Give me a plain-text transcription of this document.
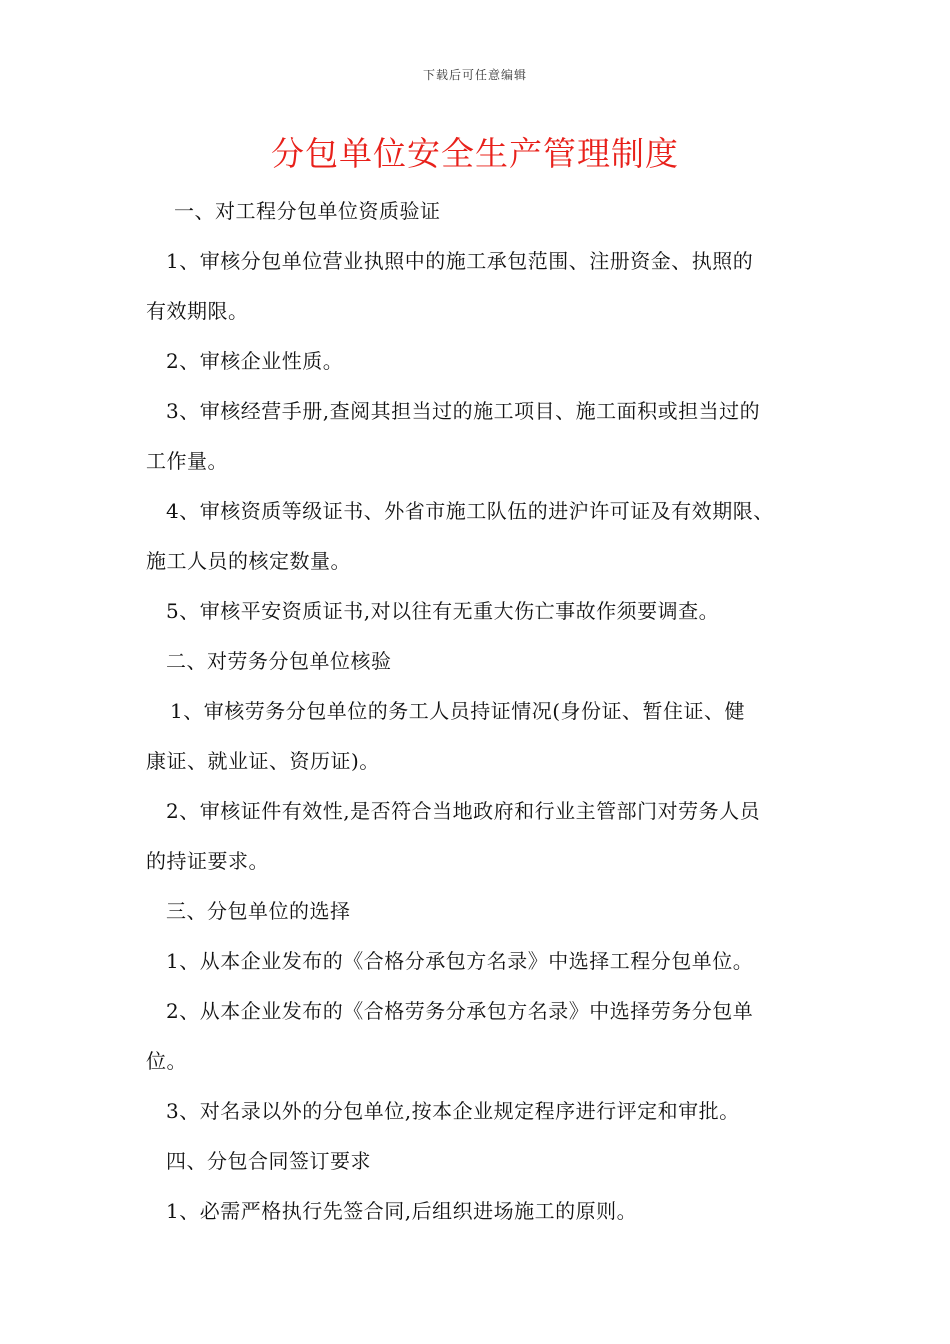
下载后可任意编辑
分包单位安全生产管理制度
一、对工程分包单位资质验证
1、审核分包单位营业执照中的施工承包范围、注册资金、执照的
有效期限。
2、审核企业性质。
3、审核经营手册,查阅其担当过的施工项目、施工面积或担当过的
工作量。
4、审核资质等级证书、外省市施工队伍的进沪许可证及有效期限、
施工人员的核定数量。
5、审核平安资质证书,对以往有无重大伤亡事故作须要调查。
二、对劳务分包单位核验
1、审核劳务分包单位的务工人员持证情况(身份证、暂住证、健
康证、就业证、资历证)。
2、审核证件有效性,是否符合当地政府和行业主管部门对劳务人员
的持证要求。
三、分包单位的选择
1、从本企业发布的《合格分承包方名录》中选择工程分包单位。
2、从本企业发布的《合格劳务分承包方名录》中选择劳务分包单
位。
3、对名录以外的分包单位,按本企业规定程序进行评定和审批。
四、分包合同签订要求
1、必需严格执行先签合同,后组织进场施工的原则。
